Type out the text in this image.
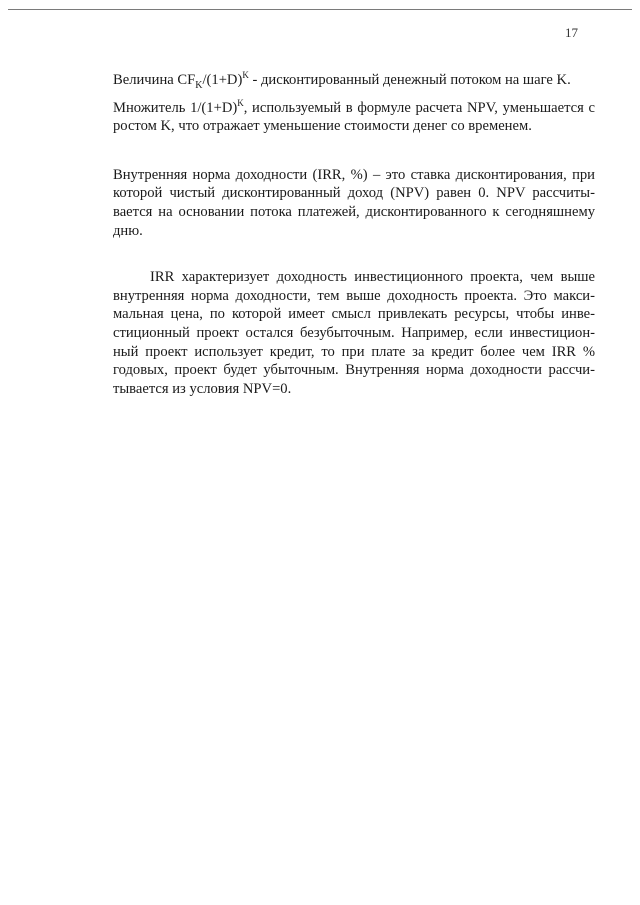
17

Величина $CF_K/(1+D)^K$ - дисконтированный денежный потоком на шаге K.

Множитель $1/(1+D)^K$, используемый в формуле расчета NPV, уменьшается с ростом K, что отражает уменьшение стоимости денег со временем.

Внутренняя норма доходности (IRR, %) – это ставка дисконтирования, при которой чистый дисконтированный доход (NPV) равен 0. NPV рассчитывается на основании потока платежей, дисконтированного к сегодняшнему дню.

IRR характеризует доходность инвестиционного проекта, чем выше внутренняя норма доходности, тем выше доходность проекта. Это максимальная цена, по которой имеет смысл привлекать ресурсы, чтобы инвестиционный проект остался безубыточным. Например, если инвестиционный проект использует кредит, то при плате за кредит более чем IRR % годовых, проект будет убыточным. Внутренняя норма доходности рассчитывается из условия NPV=0.
